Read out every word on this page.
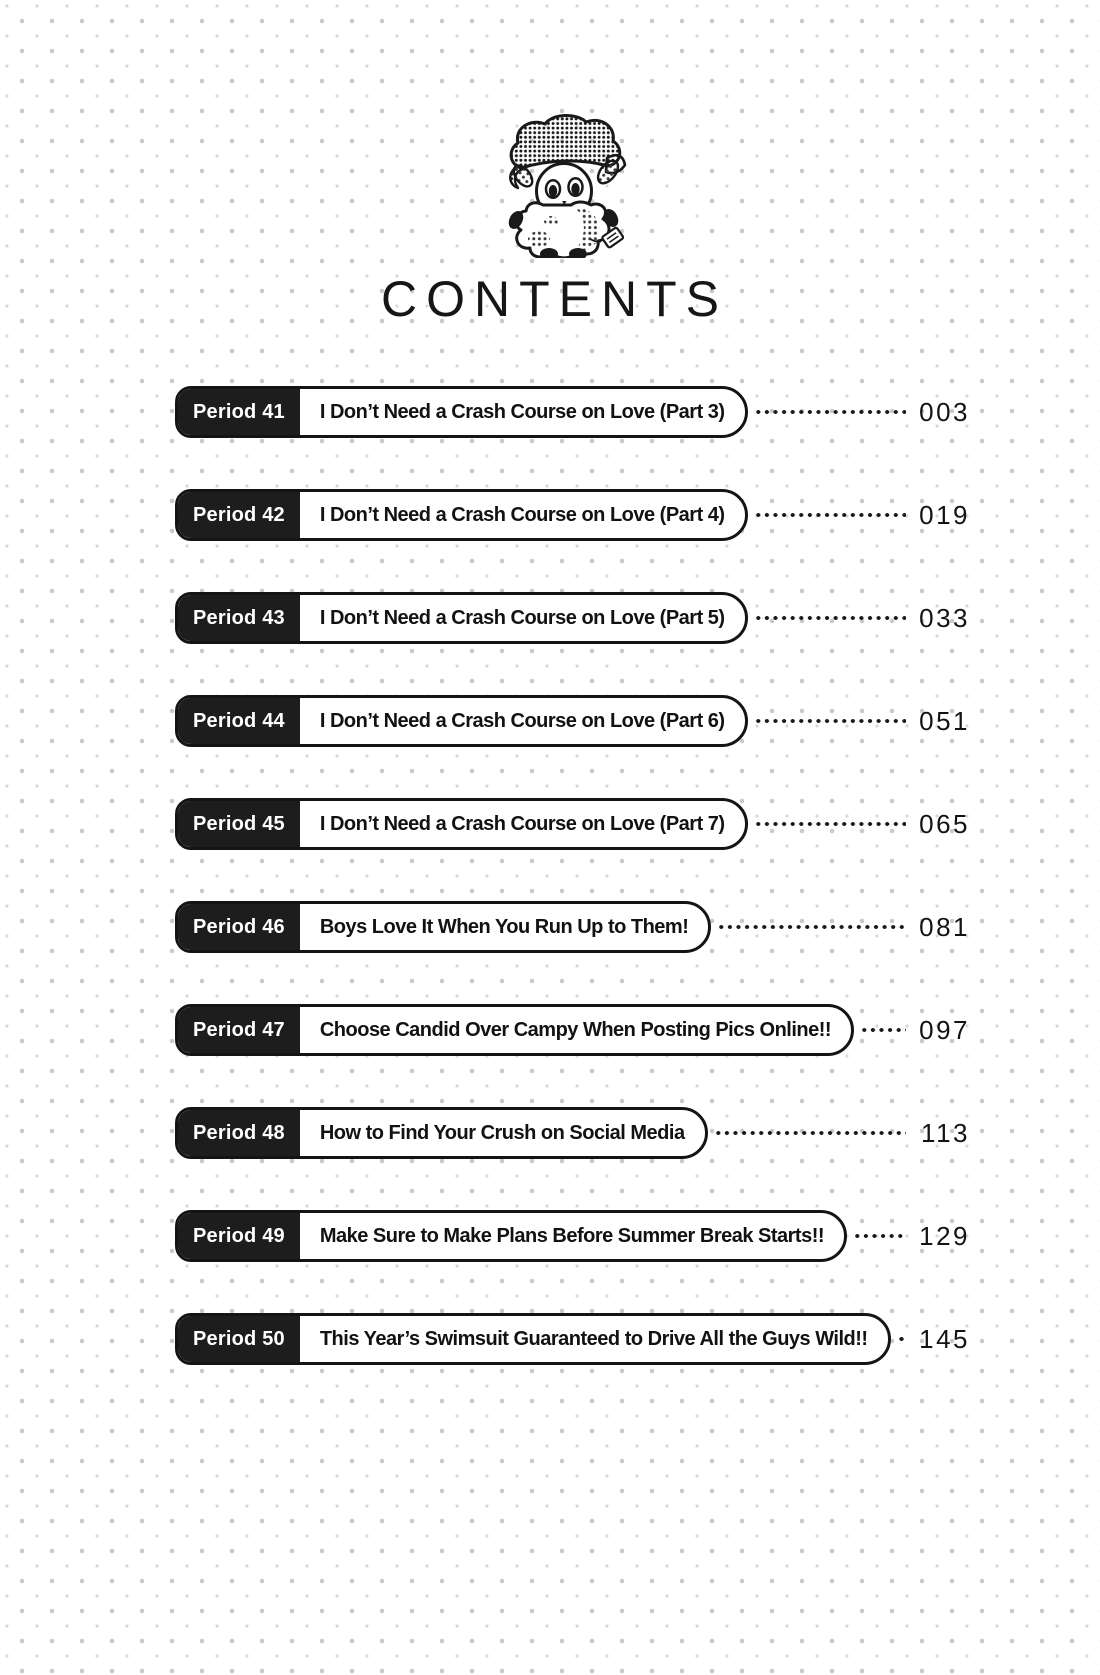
CONTENTS
Period 41	I Don’t Need a Crash Course on Love (Part 3)	003
Period 42	I Don’t Need a Crash Course on Love (Part 4)	019
Period 43	I Don’t Need a Crash Course on Love (Part 5)	033
Period 44	I Don’t Need a Crash Course on Love (Part 6)	051
Period 45	I Don’t Need a Crash Course on Love (Part 7)	065
Period 46	Boys Love It When You Run Up to Them!	081
Period 47	Choose Candid Over Campy When Posting Pics Online!!	097
Period 48	How to Find Your Crush on Social Media	113
Period 49	Make Sure to Make Plans Before Summer Break Starts!!	129
Period 50	This Year’s Swimsuit Guaranteed to Drive All the Guys Wild!!	145
